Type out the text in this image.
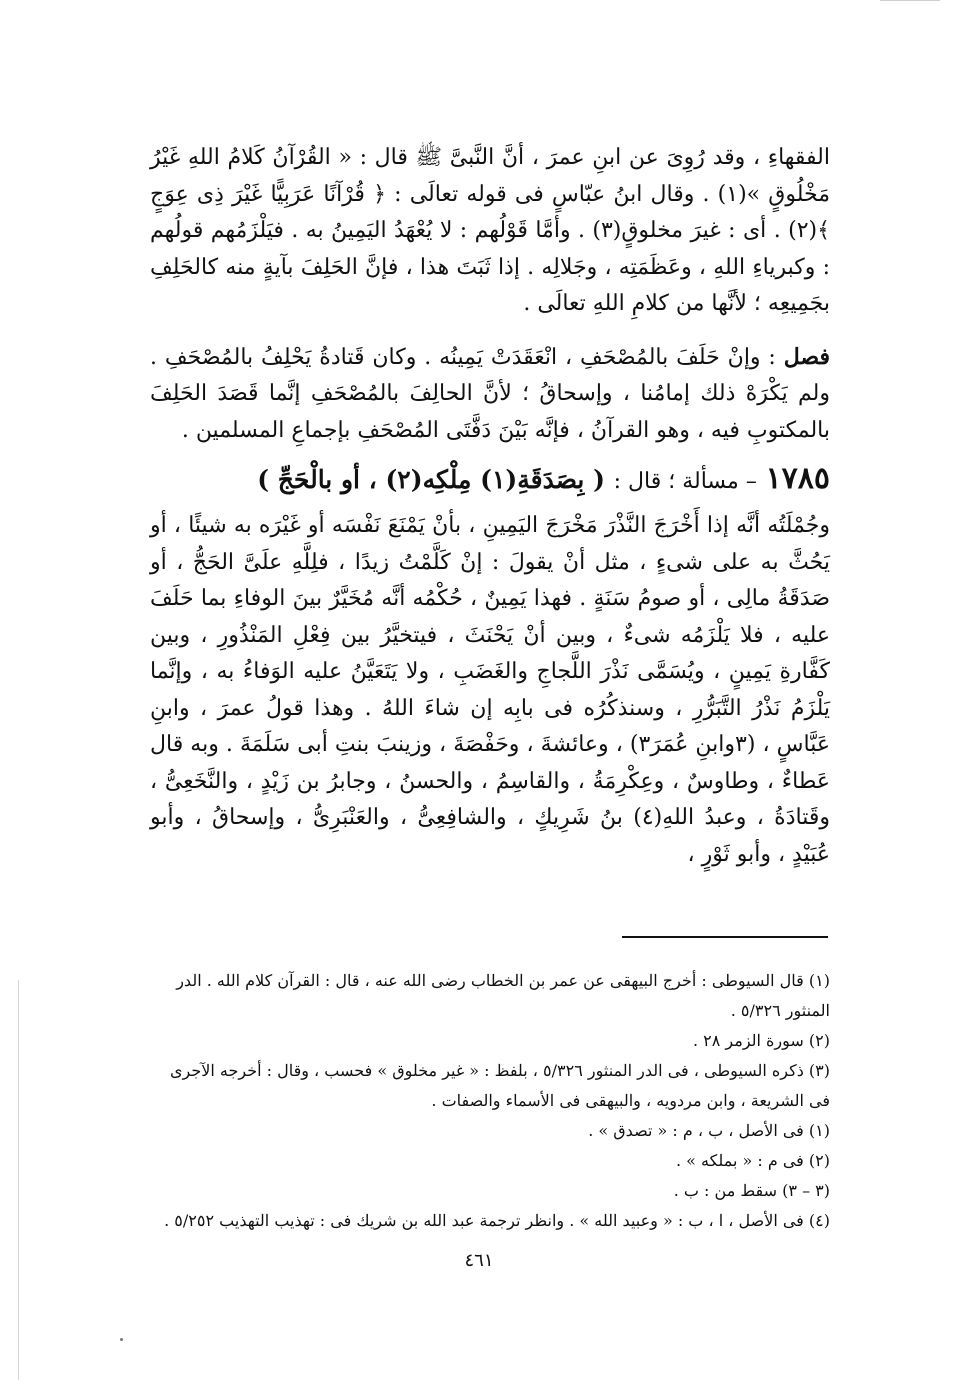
الفقهاءِ ، وقد رُوِىَ عن ابنِ عمرَ ، أنَّ النَّبىَّ ﷺ قال : « القُرْآنُ كَلامُ اللهِ غَيْرُ مَخْلُوقٍ »(١) . وقال ابنُ عبّاسٍ فى قوله تعالَى : ﴿ قُرْآنًا عَرَبِيًّا غَيْرَ ذِى عِوَجٍ ﴾(٢) . أى : غيرَ مخلوقٍ(٣) . وأمَّا قَوْلُهم : لا يُعْهَدُ اليَمِينُ به . فيَلْزَمُهم قولُهم : وكبرياءِ اللهِ ، وعَظَمَتِه ، وجَلالِه . إذا ثَبَتَ هذا ، فإنَّ الحَلِفَ بآيةٍ منه كالحَلِفِ بجَمِيعِه ؛ لأنَّها من كلامِ اللهِ تعالَى .

فصل : وإنْ حَلَفَ بالمُصْحَفِ ، انْعَقَدَتْ يَمِينُه . وكان قَتادةُ يَحْلِفُ بالمُصْحَفِ . ولم يَكْرَهْ ذلك إمامُنا ، وإسحاقُ ؛ لأنَّ الحالِفَ بالمُصْحَفِ إنَّما قَصَدَ الحَلِفَ بالمكتوبِ فيه ، وهو القرآنُ ، فإنَّه بَيْنَ دَفَّتَى المُصْحَفِ بإجماعِ المسلمين .

١٧٨٥ – مسألة ؛ قال : ( بِصَدَقَةِ(١) مِلْكِه(٢) ، أو بالْحَجِّ )

وجُمْلَتُه أنَّه إذا أَخْرَجَ النَّذْرَ مَخْرَجَ اليَمِينِ ، بأنْ يَمْنَعَ نَفْسَه أو غَيْرَه به شيئًا ، أو يَحُثَّ به على شىءٍ ، مثل أنْ يقولَ : إنْ كَلَّمْتُ زيدًا ، فلِلَّهِ علَىَّ الحَجُّ ، أو صَدَقَةُ مالِى ، أو صومُ سَنَةٍ . فهذا يَمِينٌ ، حُكْمُه أنَّه مُخَيَّرٌ بينَ الوفاءِ بما حَلَفَ عليه ، فلا يَلْزَمُه شىءٌ ، وبين أنْ يَحْنَثَ ، فيتخيَّرُ بين فِعْلِ المَنْذُورِ ، وبين كَفَّارةِ يَمِينٍ ، ويُسَمَّى نَذْرَ اللَّجاجِ والغَضَبِ ، ولا يَتَعَيَّنُ عليه الوَفاءُ به ، وإنَّما يَلْزَمُ نَذْرُ التَّبَرُّرِ ، وسنذكُرُه فى بابِه إن شاءَ اللهُ . وهذا قولُ عمرَ ، وابنِ عَبَّاسٍ ، (٣وابنِ عُمَرَ٣) ، وعائشةَ ، وحَفْصَةَ ، وزينبَ بنتِ أبى سَلَمَةَ . وبه قال عَطاءٌ ، وطاوسٌ ، وعِكْرِمَةُ ، والقاسِمُ ، والحسنُ ، وجابرُ بن زَيْدٍ ، والنَّخَعِىُّ ، وقَتادَةُ ، وعبدُ اللهِ(٤) بنُ شَرِيكٍ ، والشافِعِىُّ ، والعَنْبَرِىُّ ، وإسحاقُ ، وأبو عُبَيْدٍ ، وأبو ثَوْرٍ ،

(١) قال السيوطى : أخرج البيهقى عن عمر بن الخطاب رضى الله عنه ، قال : القرآن كلام الله . الدر المنثور ٥/٣٢٦ .
(٢) سورة الزمر ٢٨ .
(٣) ذكره السيوطى ، فى الدر المنثور ٥/٣٢٦ ، بلفظ : « غير مخلوق » فحسب ، وقال : أخرجه الآجرى فى الشريعة ، وابن مردويه ، والبيهقى فى الأسماء والصفات .
(١) فى الأصل ، ب ، م : « تصدق » .
(٢) فى م : « بملكه » .
(٣ – ٣) سقط من : ب .
(٤) فى الأصل ، ا ، ب : « وعبيد الله » . وانظر ترجمة عبد الله بن شريك فى : تهذيب التهذيب ٥/٢٥٢ .
٤٦١
